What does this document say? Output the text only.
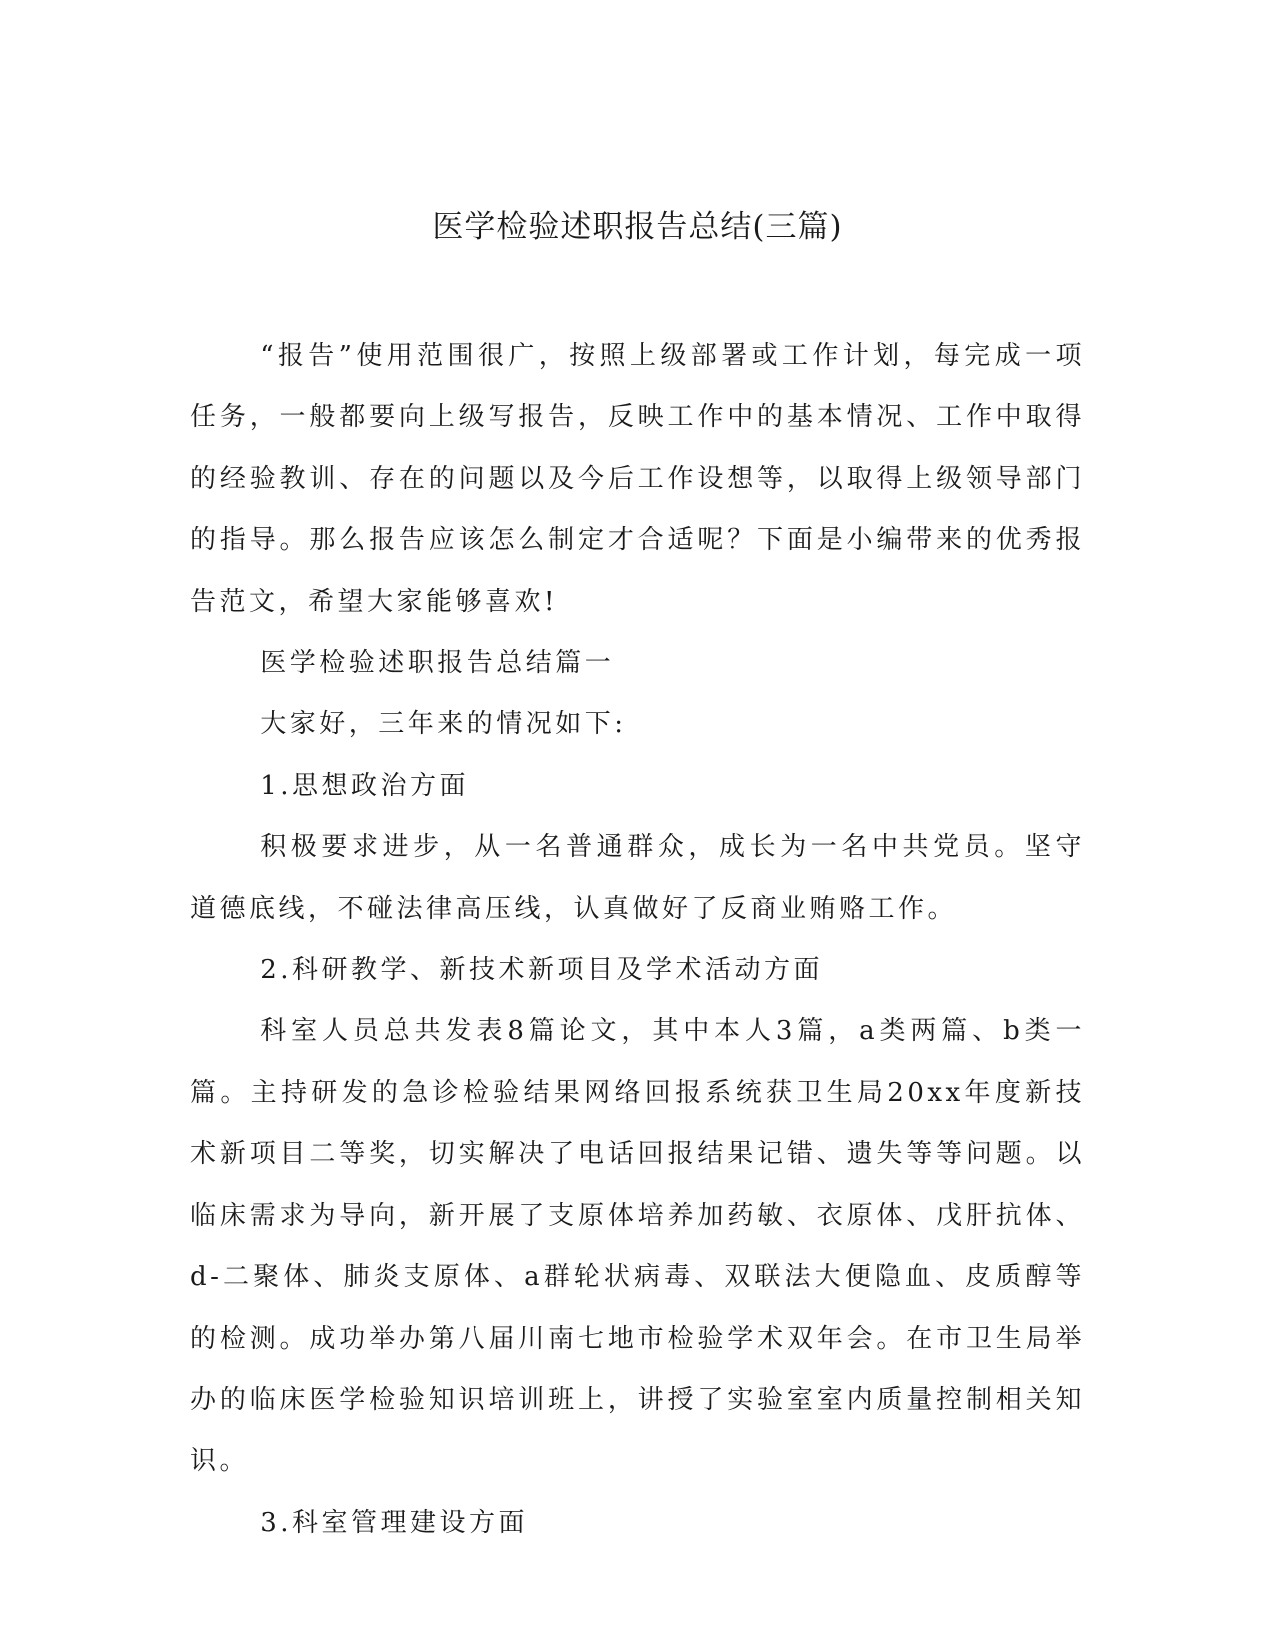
医学检验述职报告总结(三篇)

“报告”使用范围很广，按照上级部署或工作计划，每完成一项任务，一般都要向上级写报告，反映工作中的基本情况、工作中取得的经验教训、存在的问题以及今后工作设想等，以取得上级领导部门的指导。那么报告应该怎么制定才合适呢？下面是小编带来的优秀报告范文，希望大家能够喜欢!

医学检验述职报告总结篇一

大家好，三年来的情况如下:

1.思想政治方面

积极要求进步，从一名普通群众，成长为一名中共党员。坚守道德底线，不碰法律高压线，认真做好了反商业贿赂工作。

2.科研教学、新技术新项目及学术活动方面

科室人员总共发表8篇论文，其中本人3篇，a类两篇、b类一篇。主持研发的急诊检验结果网络回报系统获卫生局20xx年度新技术新项目二等奖，切实解决了电话回报结果记错、遗失等等问题。以临床需求为导向，新开展了支原体培养加药敏、衣原体、戊肝抗体、d-二聚体、肺炎支原体、a群轮状病毒、双联法大便隐血、皮质醇等的检测。成功举办第八届川南七地市检验学术双年会。在市卫生局举办的临床医学检验知识培训班上，讲授了实验室室内质量控制相关知识。

3.科室管理建设方面
